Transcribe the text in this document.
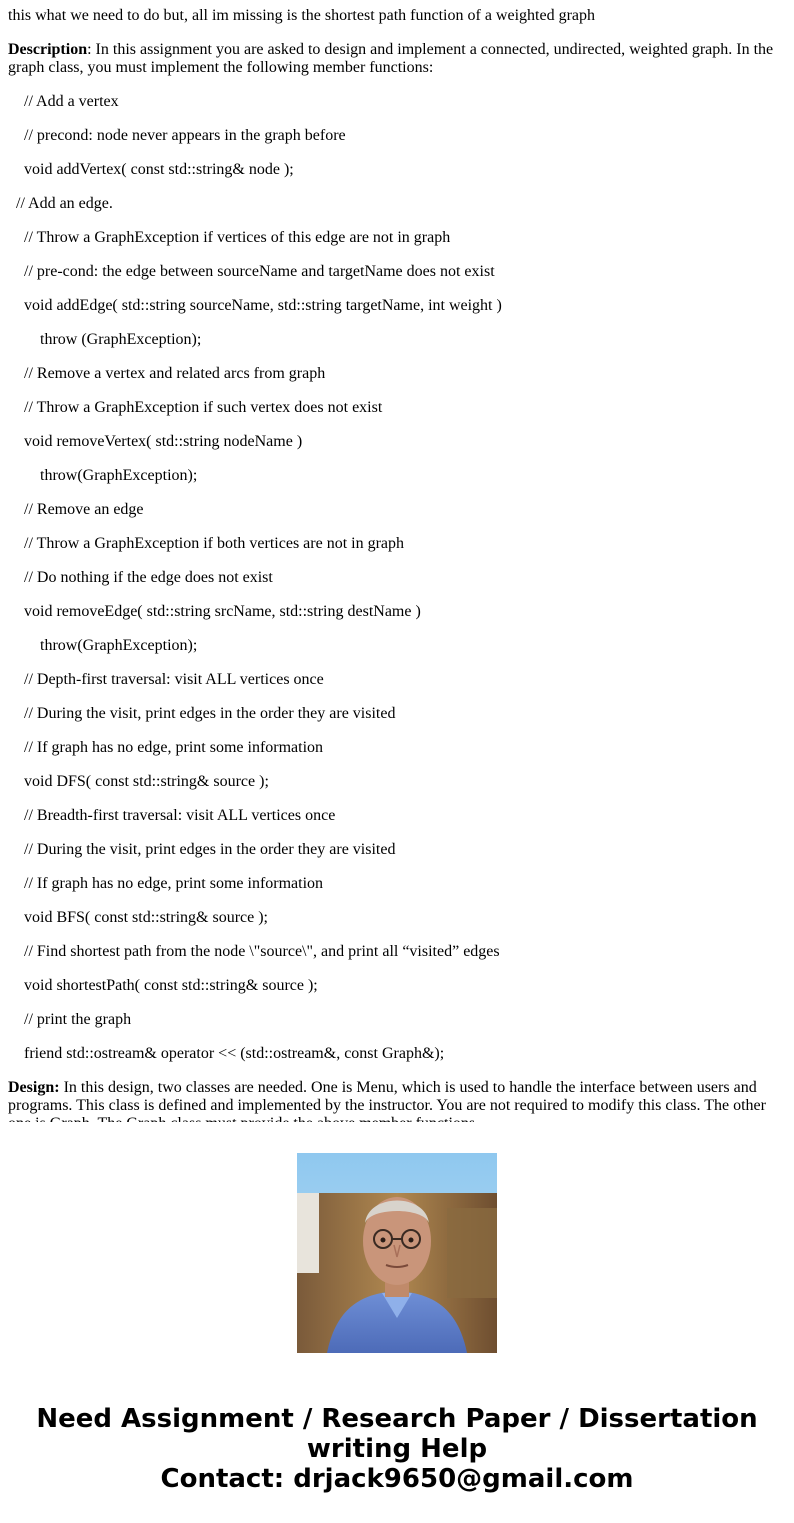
this what we need to do but, all im missing is the shortest path function of a weighted graph

Description: In this assignment you are asked to design and implement a connected, undirected, weighted graph. In the graph class, you must implement the following member functions:

// Add a vertex

// precond: node never appears in the graph before

void addVertex( const std::string& node );

// Add an edge.

// Throw a GraphException if vertices of this edge are not in graph

// pre-cond: the edge between sourceName and targetName does not exist

void addEdge( std::string sourceName, std::string targetName, int weight )

throw (GraphException);

// Remove a vertex and related arcs from graph

// Throw a GraphException if such vertex does not exist

void removeVertex( std::string nodeName )

throw(GraphException);

// Remove an edge

// Throw a GraphException if both vertices are not in graph

// Do nothing if the edge does not exist

void removeEdge( std::string srcName, std::string destName )

throw(GraphException);

// Depth-first traversal: visit ALL vertices once

// During the visit, print edges in the order they are visited

// If graph has no edge, print some information

void DFS( const std::string& source );

// Breadth-first traversal: visit ALL vertices once

// During the visit, print edges in the order they are visited

// If graph has no edge, print some information

void BFS( const std::string& source );

// Find shortest path from the node \"source\", and print all “visited” edges

void shortestPath( const std::string& source );

// print the graph

friend std::ostream& operator << (std::ostream&, const Graph&);

Design: In this design, two classes are needed. One is Menu, which is used to handle the interface between users and programs. This class is defined and implemented by the instructor. You are not required to modify this class. The other

Need Assignment / Research Paper / Dissertation
writing Help
Contact: drjack9650@gmail.com
